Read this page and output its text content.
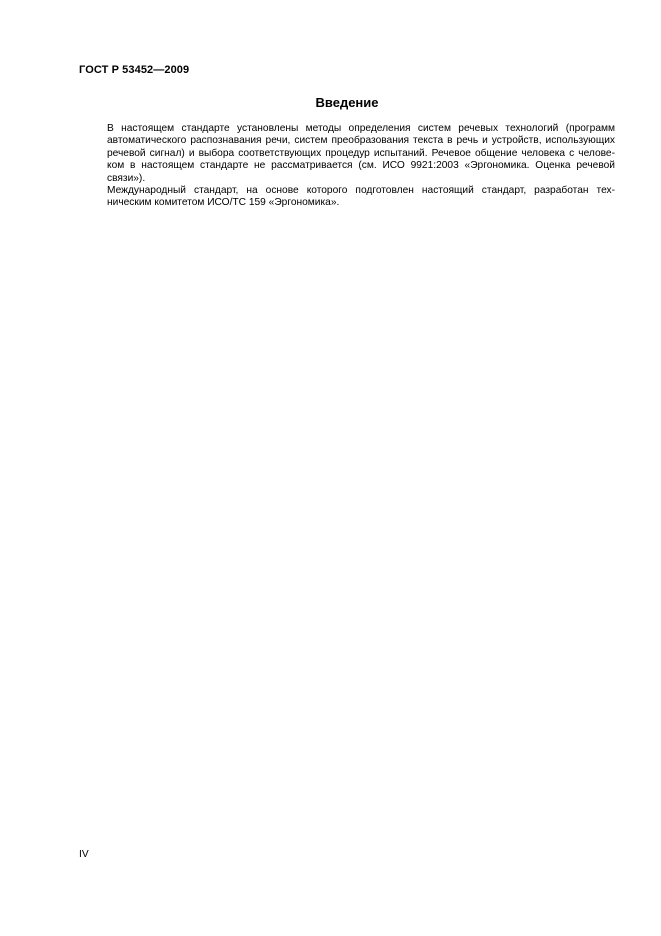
ГОСТ Р 53452—2009
Введение

В настоящем стандарте установлены методы определения систем речевых технологий (программ
автоматического распознавания речи, систем преобразования текста в речь и устройств, использующих
речевой сигнал) и выбора соответствующих процедур испытаний. Речевое общение человека с челове-
ком в настоящем стандарте не рассматривается (см. ИСО 9921:2003 «Эргономика. Оценка речевой
связи»).

Международный стандарт, на основе которого подготовлен настоящий стандарт, разработан тех-
ническим комитетом ИСО/ТС 159 «Эргономика».

IV
